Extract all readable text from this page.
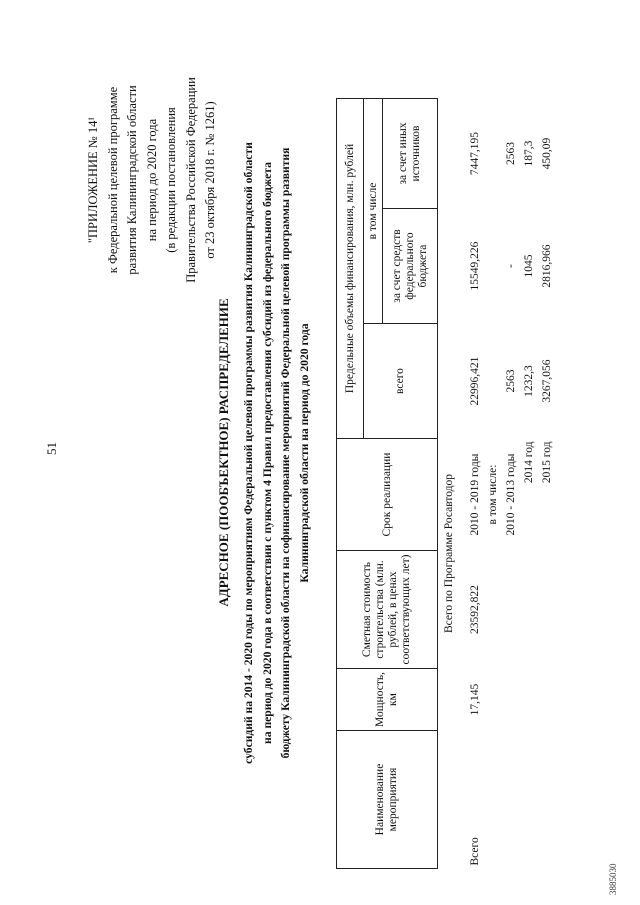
51
"ПРИЛОЖЕНИЕ № 14¹ к Федеральной целевой программе развития Калининградской области на период до 2020 года (в редакции постановления Правительства Российской Федерации от 23 октября 2018 г. № 1261)
АДРЕСНОЕ (ПООБЪЕКТНОЕ) РАСПРЕДЕЛЕНИЕ субсидий на 2014 - 2020 годы по мероприятиям Федеральной целевой программы развития Калининградской области на период до 2020 года в соответствии с пунктом 4 Правил предоставления субсидий из федерального бюджета бюджету Калининградской области на софинансирование мероприятий Федеральной целевой программы развития Калининградской области на период до 2020 года
Наименование мероприятия	Мощность, км	Сметная стоимость строительства (млн. рублей, в ценах соответствующих лет)	Срок реализации	Предельные объемы финансирования, млн. рублей		
				всего	в том числе	
					за счет средств федерального бюджета	за счет иных источников
		Всего по Программе Росавтодор				
Всего	17,145	23592,822	2010 - 2019 годы	22996,421	15549,226	7447,195
			в том числе:			
			2010 - 2013 годы	2563	-	2563
			2014 год	1232,3	1045	187,3
			2015 год	3267,056	2816,966	450,09
3885030
